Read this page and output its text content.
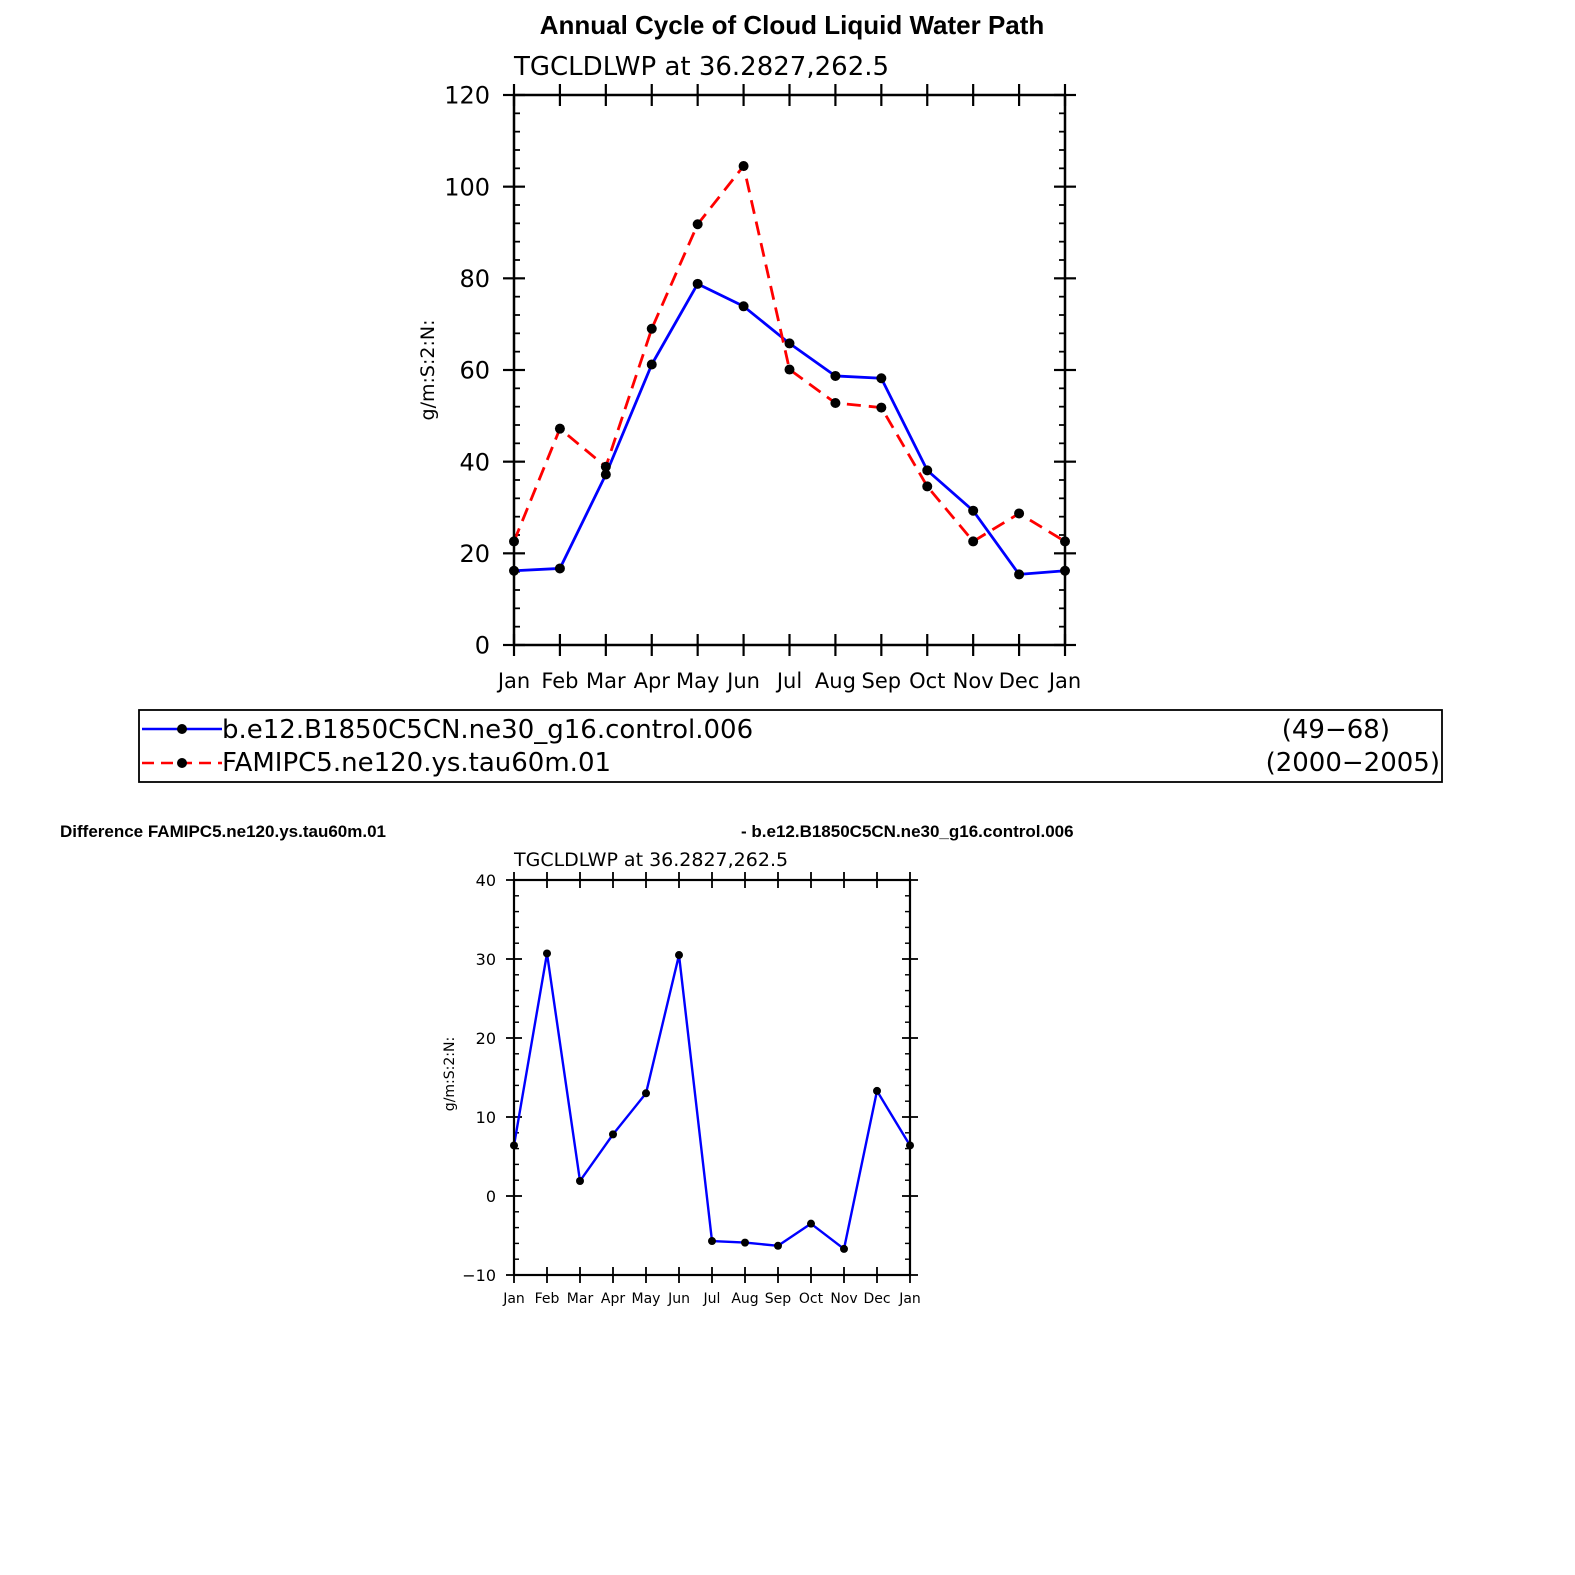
Annual Cycle of Cloud Liquid Water Path
TGCLDLWP at 36.2827,262.5
g/m:S:2:N:
Jan Feb Mar Apr May Jun Jul Aug Sep Oct Nov Dec Jan
0
20
40
60
80
100
120
b.e12.B1850C5CN.ne30_g16.control.006	(49−68)
FAMIPC5.ne120.ys.tau60m.01	(2000−2005)
Difference FAMIPC5.ne120.ys.tau60m.01	- b.e12.B1850C5CN.ne30_g16.control.006
TGCLDLWP at 36.2827,262.5
g/m:S:2:N:
Jan Feb Mar Apr May Jun Jul Aug Sep Oct Nov Dec Jan
−10
0
10
20
30
40
